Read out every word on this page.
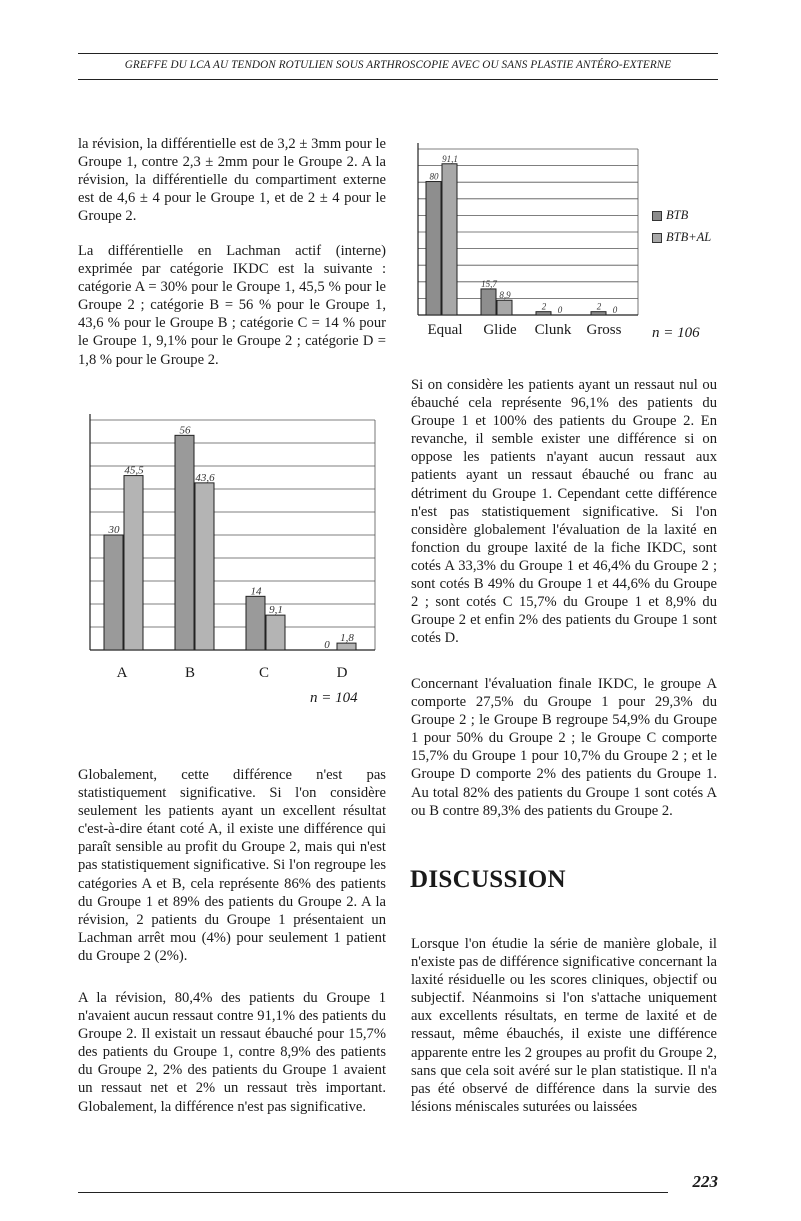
GREFFE DU LCA AU TENDON ROTULIEN SOUS ARTHROSCOPIE AVEC OU SANS PLASTIE ANTÉRO-EXTERNE
la révision, la différentielle est de 3,2 ± 3mm pour le Groupe 1, contre 2,3 ± 2mm pour le Groupe 2. A la révision, la différentielle du compartiment externe est de 4,6 ± 4 pour le Groupe 1, et de 2 ± 4 pour le Groupe 2.
La différentielle en Lachman actif (interne) exprimée par catégorie IKDC est la suivante : catégorie A = 30% pour le Groupe 1, 45,5 % pour le Groupe 2 ; catégorie B = 56 % pour le Groupe 1, 43,6 % pour le Groupe B ; catégorie C = 14 % pour le Groupe 1, 9,1% pour le Groupe 2 ; catégorie D = 1,8 % pour le Groupe 2.
30
45,5
56
43,6
14
9,1
0
1,8
A	B	C	D
n = 104
Globalement, cette différence n'est pas statistiquement significative. Si l'on considère seulement les patients ayant un excellent résultat c'est-à-dire étant coté A, il existe une différence qui paraît sensible au profit du Groupe 2, mais qui n'est pas statistiquement significative. Si l'on regroupe les catégories A et B, cela représente 86% des patients du Groupe 1 et 89% des patients du Groupe 2. A la révision, 2 patients du Groupe 1 présentaient un Lachman arrêt mou (4%) pour seulement 1 patient du Groupe 2 (2%).
A la révision, 80,4% des patients du Groupe 1 n'avaient aucun ressaut contre 91,1% des patients du Groupe 2. Il existait un ressaut ébauché pour 15,7% des patients du Groupe 1, contre 8,9% des patients du Groupe 2, 2% des patients du Groupe 1 avaient un ressaut net et 2% un ressaut très important. Globalement, la différence n'est pas significative.
80
91,1
15,7
8,9
2 0	2 0
BTB
BTB+AL
Equal	Glide	Clunk	Gross	n = 106
Si on considère les patients ayant un ressaut nul ou ébauché cela représente 96,1% des patients du Groupe 1 et 100% des patients du Groupe 2. En revanche, il semble exister une différence si on oppose les patients n'ayant aucun ressaut aux patients ayant un ressaut ébauché ou franc au détriment du Groupe 1. Cependant cette différence n'est pas statistiquement significative. Si l'on considère globalement l'évaluation de la laxité en fonction du groupe laxité de la fiche IKDC, sont cotés A 33,3% du Groupe 1 et 46,4% du Groupe 2 ; sont cotés B 49% du Groupe 1 et 44,6% du Groupe 2 ; sont cotés C 15,7% du Groupe 1 et 8,9% du Groupe 2 et enfin 2% des patients du Groupe 1 sont cotés D.
Concernant l'évaluation finale IKDC, le groupe A comporte 27,5% du Groupe 1 pour 29,3% du Groupe 2 ; le Groupe B regroupe 54,9% du Groupe 1 pour 50% du Groupe 2 ; le Groupe C comporte 15,7% du Groupe 1 pour 10,7% du Groupe 2 ; et le Groupe D comporte 2% des patients du Groupe 1. Au total 82% des patients du Groupe 1 sont cotés A ou B contre 89,3% des patients du Groupe 2.
DISCUSSION
Lorsque l'on étudie la série de manière globale, il n'existe pas de différence significative concernant la laxité résiduelle ou les scores cliniques, objectif ou subjectif. Néanmoins si l'on s'attache uniquement aux excellents résultats, en terme de laxité et de ressaut, même ébauchés, il existe une différence apparente entre les 2 groupes au profit du Groupe 2, sans que cela soit avéré sur le plan statistique. Il n'a pas été observé de différence dans la survie des lésions méniscales suturées ou laissées
223
